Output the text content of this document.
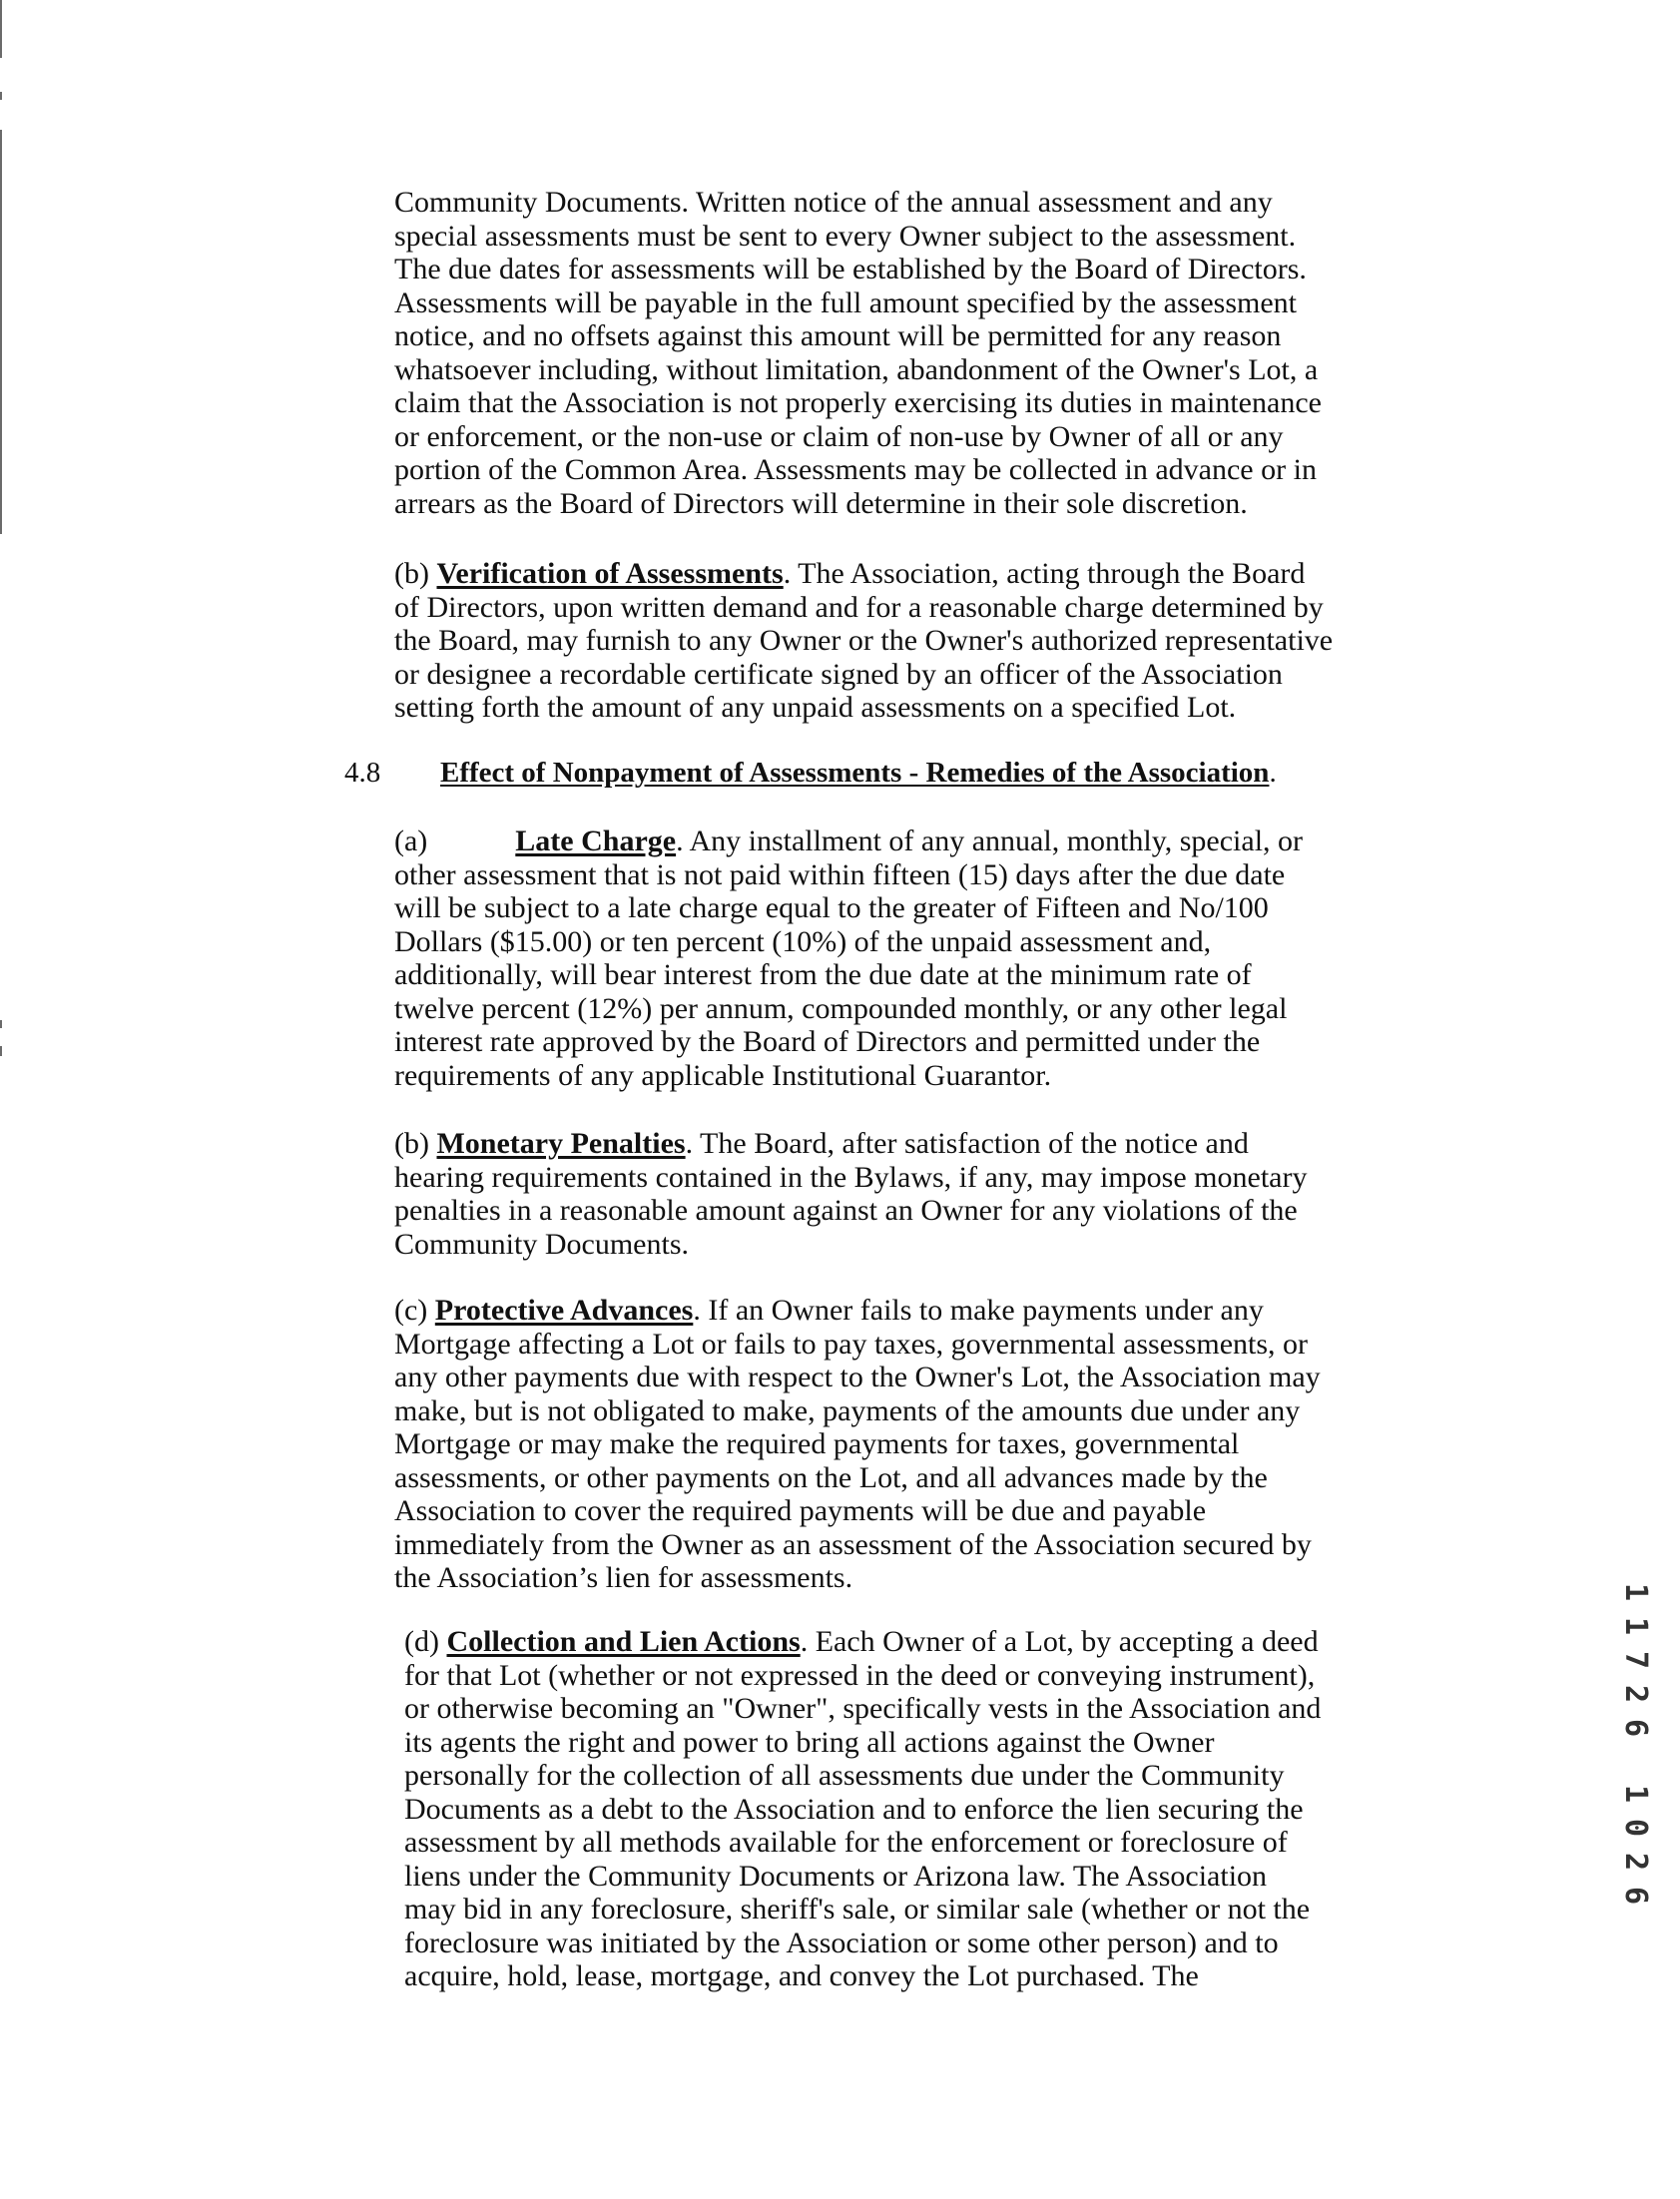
Community Documents. Written notice of the annual assessment and any
special assessments must be sent to every Owner subject to the assessment.
The due dates for assessments will be established by the Board of Directors.
Assessments will be payable in the full amount specified by the assessment
notice, and no offsets against this amount will be permitted for any reason
whatsoever including, without limitation, abandonment of the Owner's Lot, a
claim that the Association is not properly exercising its duties in maintenance
or enforcement, or the non-use or claim of non-use by Owner of all or any
portion of the Common Area. Assessments may be collected in advance or in
arrears as the Board of Directors will determine in their sole discretion.

(b) Verification of Assessments. The Association, acting through the Board
of Directors, upon written demand and for a reasonable charge determined by
the Board, may furnish to any Owner or the Owner's authorized representative
or designee a recordable certificate signed by an officer of the Association
setting forth the amount of any unpaid assessments on a specified Lot.

4.8 Effect of Nonpayment of Assessments - Remedies of the Association.

(a)	Late Charge. Any installment of any annual, monthly, special, or
other assessment that is not paid within fifteen (15) days after the due date
will be subject to a late charge equal to the greater of Fifteen and No/100
Dollars ($15.00) or ten percent (10%) of the unpaid assessment and,
additionally, will bear interest from the due date at the minimum rate of
twelve percent (12%) per annum, compounded monthly, or any other legal
interest rate approved by the Board of Directors and permitted under the
requirements of any applicable Institutional Guarantor.

(b) Monetary Penalties. The Board, after satisfaction of the notice and
hearing requirements contained in the Bylaws, if any, may impose monetary
penalties in a reasonable amount against an Owner for any violations of the
Community Documents.

(c) Protective Advances. If an Owner fails to make payments under any
Mortgage affecting a Lot or fails to pay taxes, governmental assessments, or
any other payments due with respect to the Owner's Lot, the Association may
make, but is not obligated to make, payments of the amounts due under any
Mortgage or may make the required payments for taxes, governmental
assessments, or other payments on the Lot, and all advances made by the
Association to cover the required payments will be due and payable
immediately from the Owner as an assessment of the Association secured by
the Association’s lien for assessments.

(d) Collection and Lien Actions. Each Owner of a Lot, by accepting a deed
for that Lot (whether or not expressed in the deed or conveying instrument),
or otherwise becoming an "Owner", specifically vests in the Association and
its agents the right and power to bring all actions against the Owner
personally for the collection of all assessments due under the Community
Documents as a debt to the Association and to enforce the lien securing the
assessment by all methods available for the enforcement or foreclosure of
liens under the Community Documents or Arizona law. The Association
may bid in any foreclosure, sheriff's sale, or similar sale (whether or not the
foreclosure was initiated by the Association or some other person) and to
acquire, hold, lease, mortgage, and convey the Lot purchased. The

1
1
7
2
6
1
0
2
6
